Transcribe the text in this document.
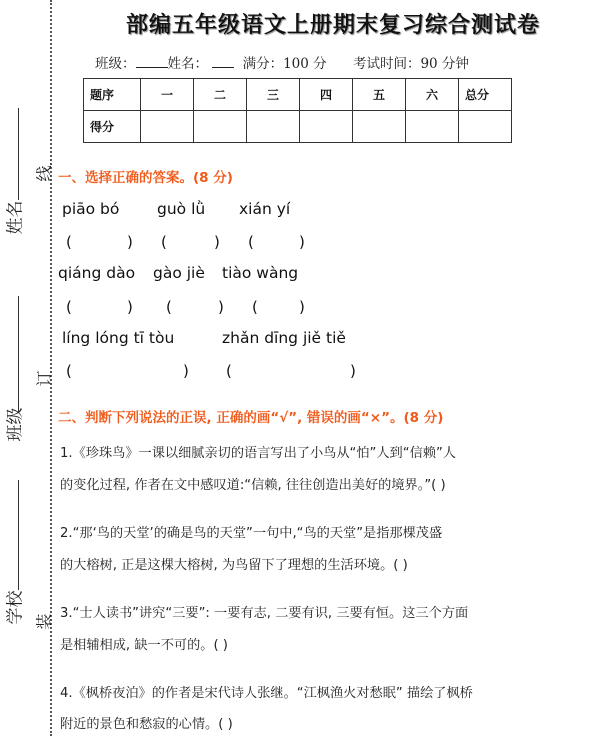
姓名
班级
学校
线
订
装
部编五年级语文上册期末复习综合测试卷
班级： 姓名：	满分：100 分 考试时间：90 分钟
题序	一	二	三	四	五	六	总分
得分							
一、选择正确的答案。(8 分)
piāo bó guò lǜ xián yí
(	) (	) (	)
qiáng dào gào jiè tiào wàng
(	) (	) (	)
líng lóng tī tòu	zhǎn dīng jiě tiě
(	) (	)
二、判断下列说法的正误, 正确的画“√”, 错误的画“×”。(8 分)
1.《珍珠鸟》一课以细腻亲切的语言写出了小鸟从“怕”人到“信赖”人
的变化过程, 作者在文中感叹道:“信赖, 往往创造出美好的境界。”( )
2.“那‘鸟的天堂’的确是鸟的天堂”一句中,“鸟的天堂”是指那棵茂盛
的大榕树, 正是这棵大榕树, 为鸟留下了理想的生活环境。( )
3.“士人读书”讲究“三要”: 一要有志, 二要有识, 三要有恒。这三个方面
是相辅相成, 缺一不可的。( )
4.《枫桥夜泊》的作者是宋代诗人张继。“江枫渔火对愁眠” 描绘了枫桥
附近的景色和愁寂的心情。( )
